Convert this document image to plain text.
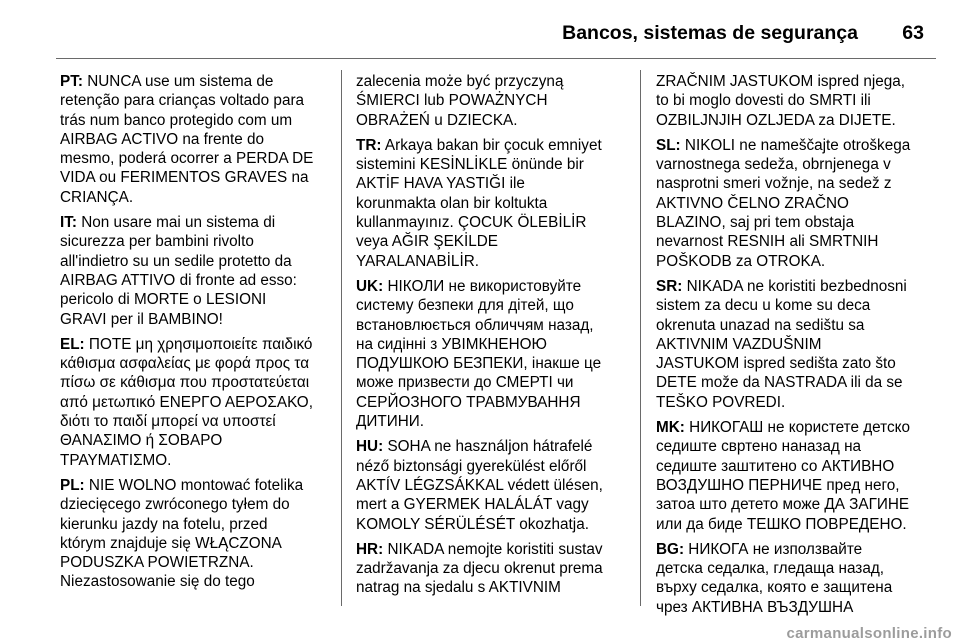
Bancos, sistemas de segurança 63
PT: NUNCA use um sistema de
retenção para crianças voltado para
trás num banco protegido com um
AIRBAG ACTIVO na frente do
mesmo, poderá ocorrer a PERDA DE
VIDA ou FERIMENTOS GRAVES na
CRIANÇA.
IT: Non usare mai un sistema di
sicurezza per bambini rivolto
all'indietro su un sedile protetto da
AIRBAG ATTIVO di fronte ad esso:
pericolo di MORTE o LESIONI
GRAVI per il BAMBINO!
EL: ΠΟΤΕ μη χρησιμοποιείτε παιδικό
κάθισμα ασφαλείας με φορά προς τα
πίσω σε κάθισμα που προστατεύεται
από μετωπικό ΕΝΕΡΓΟ ΑΕΡΟΣΑΚΟ,
διότι το παιδί μπορεί να υποστεί
ΘΑΝΑΣΙΜΟ ή ΣΟΒΑΡΟ
ΤΡΑΥΜΑΤΙΣΜΟ.
PL: NIE WOLNO montować fotelika
dziecięcego zwróconego tyłem do
kierunku jazdy na fotelu, przed
którym znajduje się WŁĄCZONA
PODUSZKA POWIETRZNA.
Niezastosowanie się do tego
zalecenia może być przyczyną
ŚMIERCI lub POWAŻNYCH
OBRAŻEŃ u DZIECKA.
TR: Arkaya bakan bir çocuk emniyet
sistemini KESİNLİKLE önünde bir
AKTİF HAVA YASTIĞI ile
korunmakta olan bir koltukta
kullanmayınız. ÇOCUK ÖLEBİLİR
veya AĞIR ŞEKİLDE
YARALANABİLİR.
UK: НІКОЛИ не використовуйте
систему безпеки для дітей, що
встановлюється обличчям назад,
на сидінні з УВІМКНЕНОЮ
ПОДУШКОЮ БЕЗПЕКИ, інакше це
може призвести до СМЕРТІ чи
СЕРЙОЗНОГО ТРАВМУВАННЯ
ДИТИНИ.
HU: SOHA ne használjon hátrafelé
néző biztonsági gyerekülést előről
AKTÍV LÉGZSÁKKAL védett ülésen,
mert a GYERMEK HALÁLÁT vagy
KOMOLY SÉRÜLÉSÉT okozhatja.
HR: NIKADA nemojte koristiti sustav
zadržavanja za djecu okrenut prema
natrag na sjedalu s AKTIVNIM
ZRAČNIM JASTUKOM ispred njega,
to bi moglo dovesti do SMRTI ili
OZBILJNJIH OZLJEDA za DIJETE.
SL: NIKOLI ne nameščajte otroškega
varnostnega sedeža, obrnjenega v
nasprotni smeri vožnje, na sedež z
AKTIVNO ČELNO ZRAČNO
BLAZINO, saj pri tem obstaja
nevarnost RESNIH ali SMRTNIH
POŠKODB za OTROKA.
SR: NIKADA ne koristiti bezbednosni
sistem za decu u kome su deca
okrenuta unazad na sedištu sa
AKTIVNIM VAZDUŠNIM
JASTUKOM ispred sedišta zato što
DETE može da NASTRADA ili da se
TEŠKO POVREDI.
MK: НИКОГАШ не користете детско
седиште свртено наназад на
седиште заштитено со АКТИВНО
ВОЗДУШНО ПЕРНИЧЕ пред него,
затоа што детето може ДА ЗАГИНЕ
или да биде ТЕШКО ПОВРЕДЕНО.
BG: НИКОГА не използвайте
детска седалка, гледаща назад,
върху седалка, която е защитена
чрез АКТИВНА ВЪЗДУШНА
carmanualsonline.info
